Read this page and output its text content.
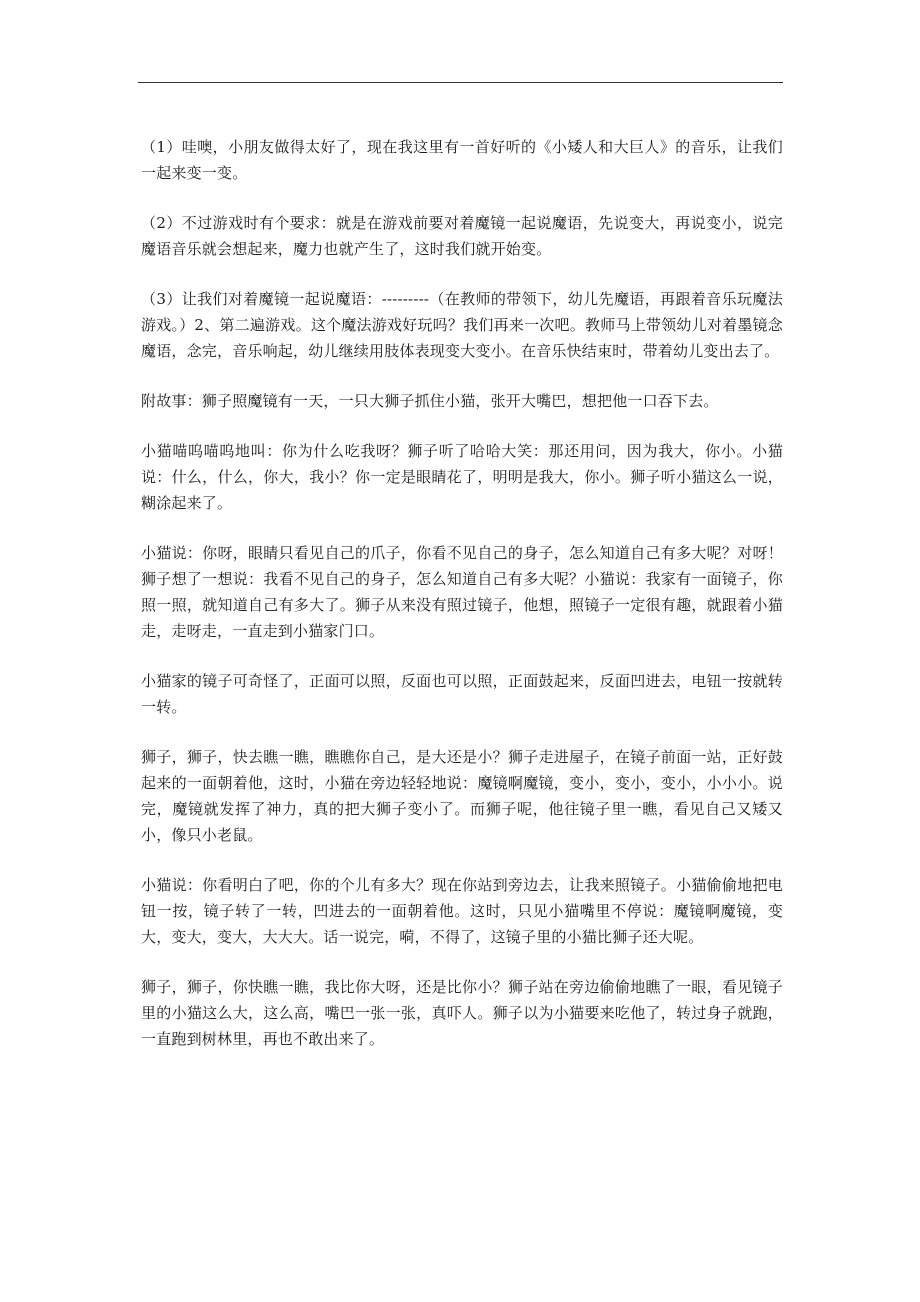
（1）哇噢，小朋友做得太好了，现在我这里有一首好听的《小矮人和大巨人》的音乐，让我们一起来变一变。

（2）不过游戏时有个要求：就是在游戏前要对着魔镜一起说魔语，先说变大，再说变小，说完魔语音乐就会想起来，魔力也就产生了，这时我们就开始变。

（3）让我们对着魔镜一起说魔语：---------（在教师的带领下，幼儿先魔语，再跟着音乐玩魔法游戏。）2、第二遍游戏。这个魔法游戏好玩吗？我们再来一次吧。教师马上带领幼儿对着墨镜念魔语，念完，音乐响起，幼儿继续用肢体表现变大变小。在音乐快结束时，带着幼儿变出去了。

附故事：狮子照魔镜有一天，一只大狮子抓住小猫，张开大嘴巴，想把他一口吞下去。

小猫喵呜喵呜地叫：你为什么吃我呀？狮子听了哈哈大笑：那还用问，因为我大，你小。小猫说：什么，什么，你大，我小？你一定是眼睛花了，明明是我大，你小。狮子听小猫这么一说，糊涂起来了。

小猫说：你呀，眼睛只看见自己的爪子，你看不见自己的身子，怎么知道自己有多大呢？对呀！狮子想了一想说：我看不见自己的身子，怎么知道自己有多大呢？小猫说：我家有一面镜子，你照一照，就知道自己有多大了。狮子从来没有照过镜子，他想，照镜子一定很有趣，就跟着小猫走，走呀走，一直走到小猫家门口。

小猫家的镜子可奇怪了，正面可以照，反面也可以照，正面鼓起来，反面凹进去，电钮一按就转一转。

狮子，狮子，快去瞧一瞧，瞧瞧你自己，是大还是小？狮子走进屋子，在镜子前面一站，正好鼓起来的一面朝着他，这时，小猫在旁边轻轻地说：魔镜啊魔镜，变小，变小，变小，小小小。说完，魔镜就发挥了神力，真的把大狮子变小了。而狮子呢，他往镜子里一瞧，看见自己又矮又小，像只小老鼠。

小猫说：你看明白了吧，你的个儿有多大？现在你站到旁边去，让我来照镜子。小猫偷偷地把电钮一按，镜子转了一转，凹进去的一面朝着他。这时，只见小猫嘴里不停说：魔镜啊魔镜，变大，变大，变大，大大大。话一说完，嗬，不得了，这镜子里的小猫比狮子还大呢。

狮子，狮子，你快瞧一瞧，我比你大呀，还是比你小？狮子站在旁边偷偷地瞧了一眼，看见镜子里的小猫这么大，这么高，嘴巴一张一张，真吓人。狮子以为小猫要来吃他了，转过身子就跑，一直跑到树林里，再也不敢出来了。
